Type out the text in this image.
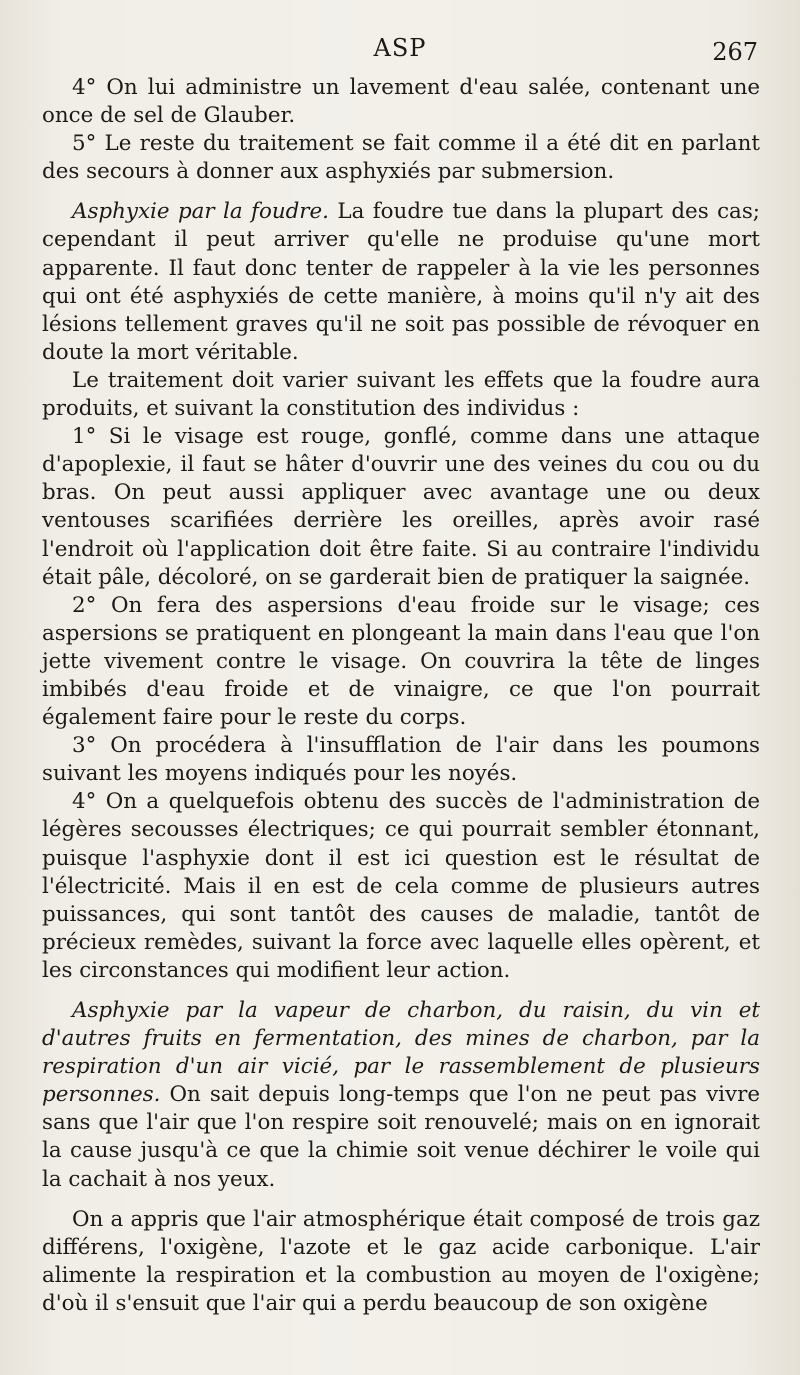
ASP	267

4° On lui administre un lavement d'eau salée, contenant une once de sel de Glauber.

5° Le reste du traitement se fait comme il a été dit en parlant des secours à donner aux asphyxiés par submersion.

Asphyxie par la foudre. La foudre tue dans la plupart des cas; cependant il peut arriver qu'elle ne produise qu'une mort apparente. Il faut donc tenter de rappeler à la vie les personnes qui ont été asphyxiés de cette manière, à moins qu'il n'y ait des lésions tellement graves qu'il ne soit pas possible de révoquer en doute la mort véritable.

Le traitement doit varier suivant les effets que la foudre aura produits, et suivant la constitution des individus :

1° Si le visage est rouge, gonflé, comme dans une attaque d'apoplexie, il faut se hâter d'ouvrir une des veines du cou ou du bras. On peut aussi appliquer avec avantage une ou deux ventouses scarifiées derrière les oreilles, après avoir rasé l'endroit où l'application doit être faite. Si au contraire l'individu était pâle, décoloré, on se garderait bien de pratiquer la saignée.

2° On fera des aspersions d'eau froide sur le visage; ces aspersions se pratiquent en plongeant la main dans l'eau que l'on jette vivement contre le visage. On couvrira la tête de linges imbibés d'eau froide et de vinaigre, ce que l'on pourrait également faire pour le reste du corps.

3° On procédera à l'insufflation de l'air dans les poumons suivant les moyens indiqués pour les noyés.

4° On a quelquefois obtenu des succès de l'administration de légères secousses électriques; ce qui pourrait sembler étonnant, puisque l'asphyxie dont il est ici question est le résultat de l'électricité. Mais il en est de cela comme de plusieurs autres puissances, qui sont tantôt des causes de maladie, tantôt de précieux remèdes, suivant la force avec laquelle elles opèrent, et les circonstances qui modifient leur action.

Asphyxie par la vapeur de charbon, du raisin, du vin et d'autres fruits en fermentation, des mines de charbon, par la respiration d'un air vicié, par le rassemblement de plusieurs personnes. On sait depuis long-temps que l'on ne peut pas vivre sans que l'air que l'on respire soit renouvelé; mais on en ignorait la cause jusqu'à ce que la chimie soit venue déchirer le voile qui la cachait à nos yeux.

On a appris que l'air atmosphérique était composé de trois gaz différens, l'oxigène, l'azote et le gaz acide carbonique. L'air alimente la respiration et la combustion au moyen de l'oxigène; d'où il s'ensuit que l'air qui a perdu beaucoup de son oxigène
